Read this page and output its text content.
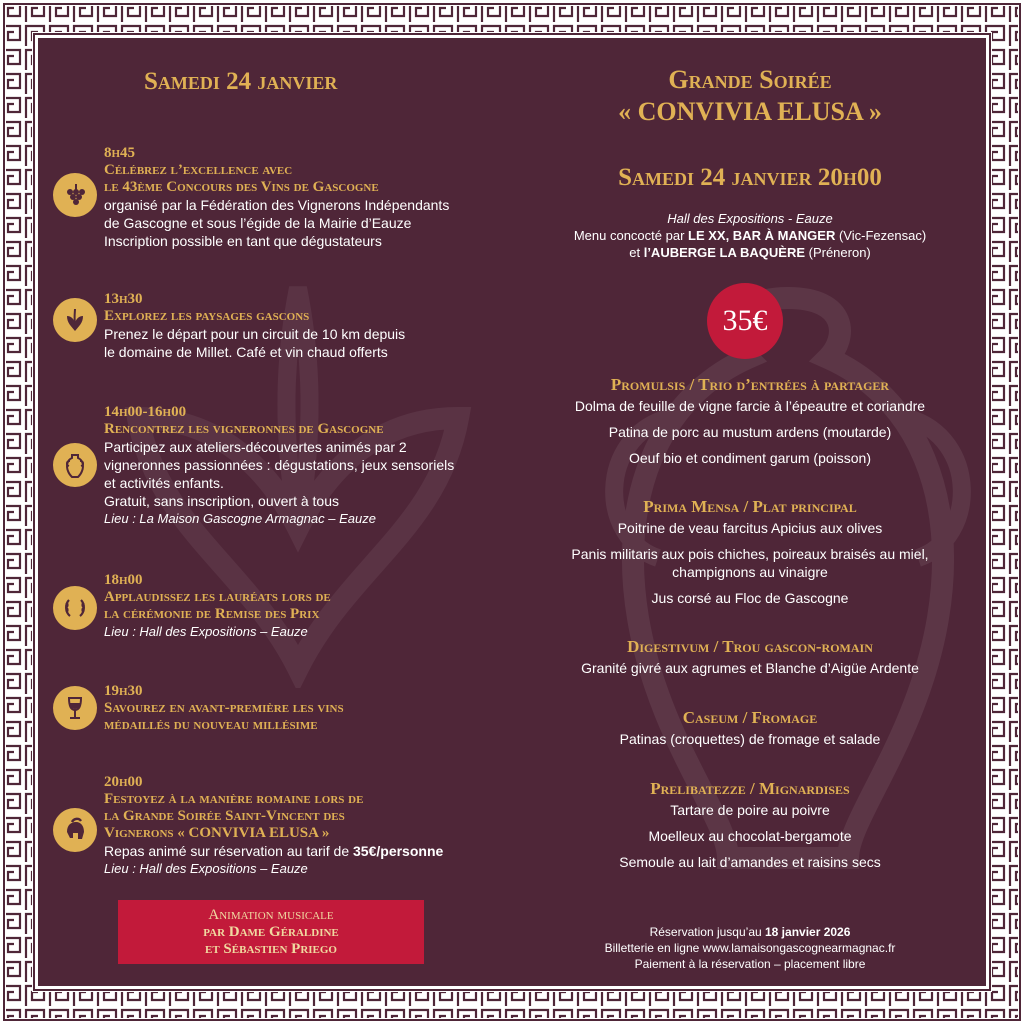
Samedi 24 janvier
8h45
Célébrez l’excellence avec
le 43ème Concours des Vins de Gascogne
organisé par la Fédération des Vignerons Indépendants
de Gascogne et sous l’égide de la Mairie d’Eauze
Inscription possible en tant que dégustateurs
13h30
Explorez les paysages gascons
Prenez le départ pour un circuit de 10 km depuis
le domaine de Millet. Café et vin chaud offerts
14h00-16h00
Rencontrez les vigneronnes de Gascogne
Participez aux ateliers-découvertes animés par 2
vigneronnes passionnées : dégustations, jeux sensoriels
et activités enfants.
Gratuit, sans inscription, ouvert à tous
Lieu : La Maison Gascogne Armagnac – Eauze
18h00
Applaudissez les lauréats lors de
la cérémonie de Remise des Prix
Lieu : Hall des Expositions – Eauze
19h30
Savourez en avant-première les vins
médaillés du nouveau millésime
20h00
Festoyez à la manière romaine lors de
la Grande Soirée Saint-Vincent des
Vignerons « CONVIVIA ELUSA »
Repas animé sur réservation au tarif de 35€/personne
Lieu : Hall des Expositions – Eauze
Animation musicale
par Dame Géraldine
et Sébastien Priego
Grande Soirée
« CONVIVIA ELUSA »
Samedi 24 janvier 20h00
Hall des Expositions - Eauze
Menu concocté par LE XX, BAR À MANGER (Vic-Fezensac)
et l’AUBERGE LA BAQUÈRE (Préneron)
35€
Promulsis / Trio d’entrées à partager
Dolma de feuille de vigne farcie à l’épeautre et coriandre
Patina de porc au mustum ardens (moutarde)
Oeuf bio et condiment garum (poisson)
Prima Mensa / Plat principal
Poitrine de veau farcitus Apicius aux olives
Panis militaris aux pois chiches, poireaux braisés au miel, champignons au vinaigre
Jus corsé au Floc de Gascogne
Digestivum / Trou gascon-romain
Granité givré aux agrumes et Blanche d’Aigüe Ardente
Caseum / Fromage
Patinas (croquettes) de fromage et salade
Prelibatezze / Mignardises
Tartare de poire au poivre
Moelleux au chocolat-bergamote
Semoule au lait d’amandes et raisins secs
Réservation jusqu’au 18 janvier 2026
Billetterie en ligne www.lamaisongascognearmagnac.fr
Paiement à la réservation – placement libre
